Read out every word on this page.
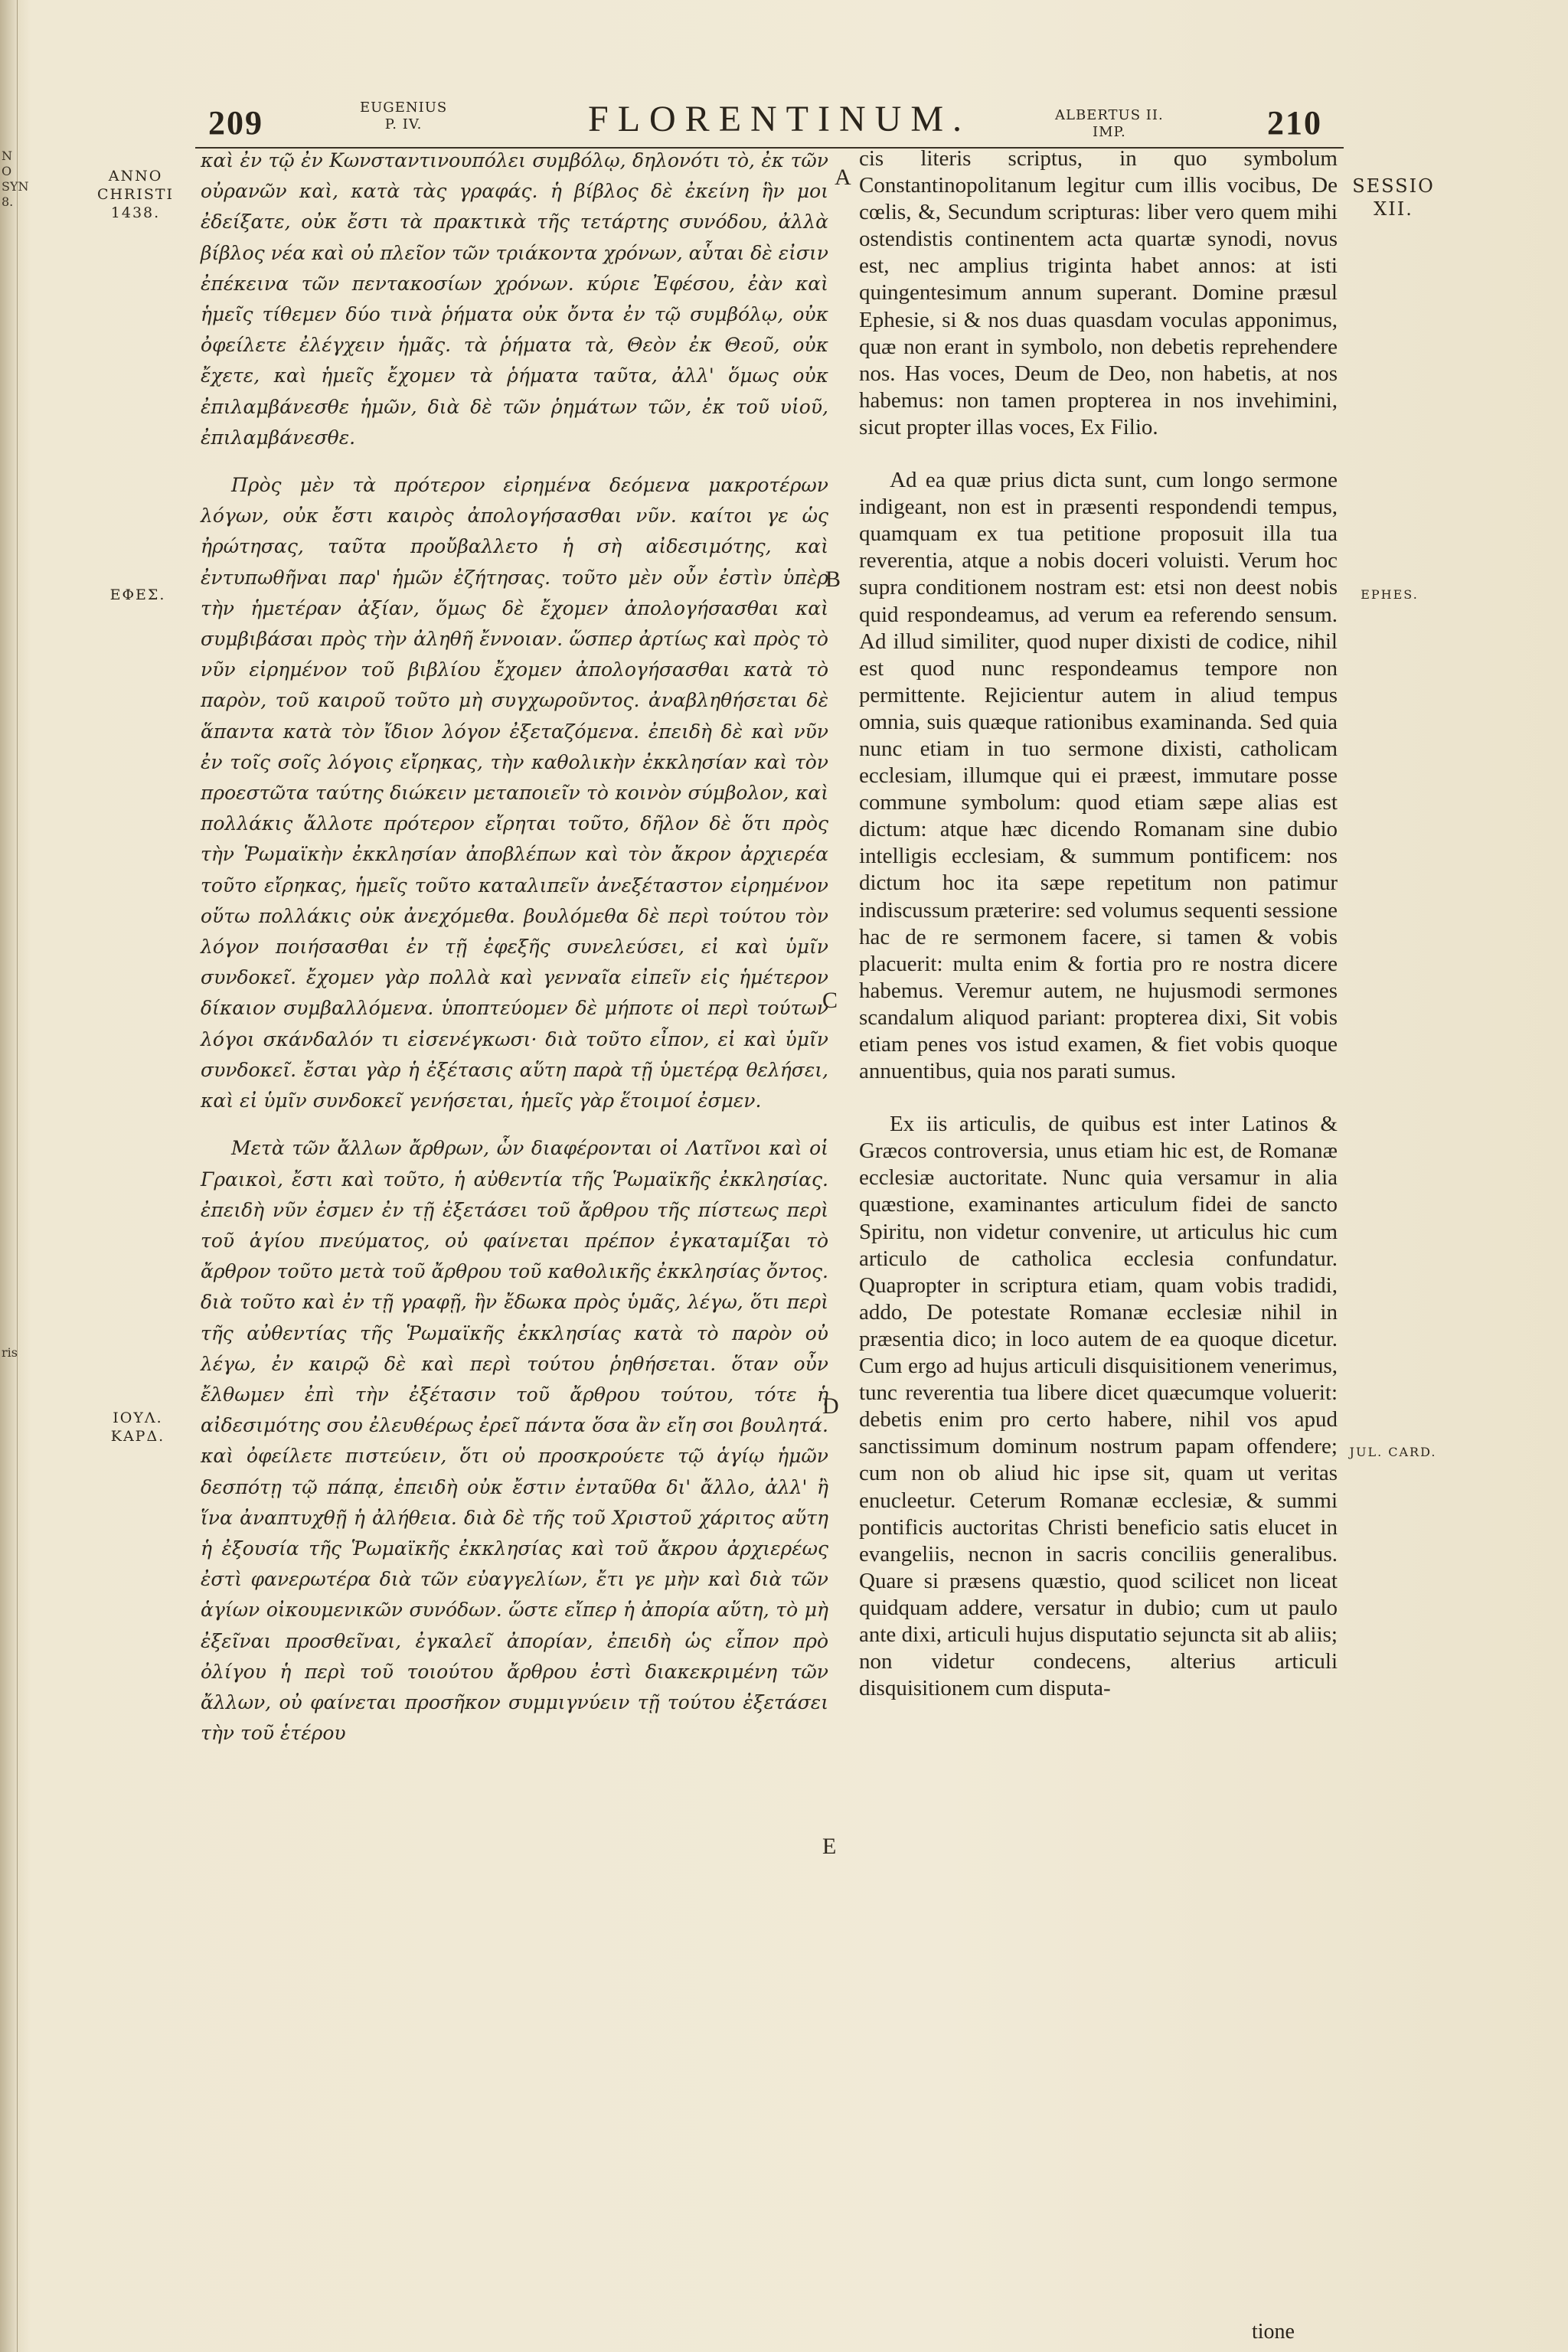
N
O
SYN
8.
ris
209	EUGENIUS
P. IV.	FLORENTINUM.	ALBERTUS II.
IMP.	210
ANNO
CHRISTI
1438.
ΕΦΕΣ.
ΙΟΥΛ.
ΚΑΡΔ.
SESSIO
XII.
EPHES.
JUL. CARD.
A
B
C
D
E

καὶ ἐν τῷ ἐν Κωνσταντινουπόλει συμβόλῳ, δηλονότι τὸ, ἐκ τῶν οὐρανῶν καὶ, κατὰ τὰς γραφάς. ἡ βίβλος δὲ ἐκείνη ἣν μοι ἐδείξατε, οὐκ ἔστι τὰ πρακτικὰ τῆς τετάρτης συνόδου, ἀλλὰ βίβλος νέα καὶ οὐ πλεῖον τῶν τριάκοντα χρόνων, αὗται δὲ εἰσιν ἐπέκεινα τῶν πεντακοσίων χρόνων. κύριε Ἐφέσου, ἐὰν καὶ ἡμεῖς τίθεμεν δύο τινὰ ῥήματα οὐκ ὄντα ἐν τῷ συμβόλῳ, οὐκ ὀφείλετε ἐλέγχειν ἡμᾶς. τὰ ῥήματα τὰ, Θεὸν ἐκ Θεοῦ, οὐκ ἔχετε, καὶ ἡμεῖς ἔχομεν τὰ ῥήματα ταῦτα, ἀλλ' ὅμως οὐκ ἐπιλαμβάνεσθε ἡμῶν, διὰ δὲ τῶν ῥημάτων τῶν, ἐκ τοῦ υἱοῦ, ἐπιλαμβάνεσθε.

Πρὸς μὲν τὰ πρότερον εἰρημένα δεόμενα μακροτέρων λόγων, οὐκ ἔστι καιρὸς ἀπολογήσασθαι νῦν. καίτοι γε ὡς ἠρώτησας, ταῦτα προὔβαλλετο ἡ σὴ αἰδεσιμότης, καὶ ἐντυπωθῆναι παρ' ἡμῶν ἐζήτησας. τοῦτο μὲν οὖν ἐστὶν ὑπὲρ τὴν ἡμετέραν ἀξίαν, ὅμως δὲ ἔχομεν ἀπολογήσασθαι καὶ συμβιβάσαι πρὸς τὴν ἀληθῆ ἔννοιαν. ὥσπερ ἀρτίως καὶ πρὸς τὸ νῦν εἰρημένον τοῦ βιβλίου ἔχομεν ἀπολογήσασθαι κατὰ τὸ παρὸν, τοῦ καιροῦ τοῦτο μὴ συγχωροῦντος. ἀναβληθήσεται δὲ ἅπαντα κατὰ τὸν ἴδιον λόγον ἐξεταζόμενα. ἐπειδὴ δὲ καὶ νῦν ἐν τοῖς σοῖς λόγοις εἴρηκας, τὴν καθολικὴν ἐκκλησίαν καὶ τὸν προεστῶτα ταύτης διώκειν μεταποιεῖν τὸ κοινὸν σύμβολον, καὶ πολλάκις ἄλλοτε πρότερον εἴρηται τοῦτο, δῆλον δὲ ὅτι πρὸς τὴν Ῥωμαϊκὴν ἐκκλησίαν ἀποβλέπων καὶ τὸν ἄκρον ἀρχιερέα τοῦτο εἴρηκας, ἡμεῖς τοῦτο καταλιπεῖν ἀνεξέταστον εἰρημένον οὕτω πολλάκις οὐκ ἀνεχόμεθα. βουλόμεθα δὲ περὶ τούτου τὸν λόγον ποιήσασθαι ἐν τῇ ἐφεξῆς συνελεύσει, εἰ καὶ ὑμῖν συνδοκεῖ. ἔχομεν γὰρ πολλὰ καὶ γενναῖα εἰπεῖν εἰς ἡμέτερον δίκαιον συμβαλλόμενα. ὑποπτεύομεν δὲ μήποτε οἱ περὶ τούτων λόγοι σκάνδαλόν τι εἰσενέγκωσι· διὰ τοῦτο εἶπον, εἰ καὶ ὑμῖν συνδοκεῖ. ἔσται γὰρ ἡ ἐξέτασις αὕτη παρὰ τῇ ὑμετέρᾳ θελήσει, καὶ εἰ ὑμῖν συνδοκεῖ γενήσεται, ἡμεῖς γὰρ ἕτοιμοί ἐσμεν.

Μετὰ τῶν ἄλλων ἄρθρων, ὧν διαφέρονται οἱ Λατῖνοι καὶ οἱ Γραικοὶ, ἔστι καὶ τοῦτο, ἡ αὐθεντία τῆς Ῥωμαϊκῆς ἐκκλησίας. ἐπειδὴ νῦν ἐσμεν ἐν τῇ ἐξετάσει τοῦ ἄρθρου τῆς πίστεως περὶ τοῦ ἁγίου πνεύματος, οὐ φαίνεται πρέπον ἐγκαταμίξαι τὸ ἄρθρον τοῦτο μετὰ τοῦ ἄρθρου τοῦ καθολικῆς ἐκκλησίας ὄντος. διὰ τοῦτο καὶ ἐν τῇ γραφῇ, ἣν ἔδωκα πρὸς ὑμᾶς, λέγω, ὅτι περὶ τῆς αὐθεντίας τῆς Ῥωμαϊκῆς ἐκκλησίας κατὰ τὸ παρὸν οὐ λέγω, ἐν καιρῷ δὲ καὶ περὶ τούτου ῥηθήσεται. ὅταν οὖν ἔλθωμεν ἐπὶ τὴν ἐξέτασιν τοῦ ἄρθρου τούτου, τότε ἡ αἰδεσιμότης σου ἐλευθέρως ἐρεῖ πάντα ὅσα ἂν εἴη σοι βουλητά. καὶ ὀφείλετε πιστεύειν, ὅτι οὐ προσκρούετε τῷ ἁγίῳ ἡμῶν δεσπότῃ τῷ πάπᾳ, ἐπειδὴ οὐκ ἔστιν ἐνταῦθα δι' ἄλλο, ἀλλ' ἢ ἵνα ἀναπτυχθῇ ἡ ἀλήθεια. διὰ δὲ τῆς τοῦ Χριστοῦ χάριτος αὕτη ἡ ἐξουσία τῆς Ῥωμαϊκῆς ἐκκλησίας καὶ τοῦ ἄκρου ἀρχιερέως ἐστὶ φανερωτέρα διὰ τῶν εὐαγγελίων, ἔτι γε μὴν καὶ διὰ τῶν ἁγίων οἰκουμενικῶν συνόδων. ὥστε εἴπερ ἡ ἀπορία αὕτη, τὸ μὴ ἐξεῖναι προσθεῖναι, ἐγκαλεῖ ἀπορίαν, ἐπειδὴ ὡς εἶπον πρὸ ὀλίγου ἡ περὶ τοῦ τοιούτου ἄρθρου ἐστὶ διακεκριμένη τῶν ἄλλων, οὐ φαίνεται προσῆκον συμμιγνύειν τῇ τούτου ἐξετάσει τὴν τοῦ ἑτέρου

cis literis scriptus, in quo symbolum Constantinopolitanum legitur cum illis vocibus, De cœlis, &, Secundum scripturas: liber vero quem mihi ostendistis continentem acta quartæ synodi, novus est, nec amplius triginta habet annos: at isti quingentesimum annum superant. Domine præsul Ephesie, si & nos duas quasdam voculas apponimus, quæ non erant in symbolo, non debetis reprehendere nos. Has voces, Deum de Deo, non habetis, at nos habemus: non tamen propterea in nos invehimini, sicut propter illas voces, Ex Filio.

Ad ea quæ prius dicta sunt, cum longo sermone indigeant, non est in præsenti respondendi tempus, quamquam ex tua petitione proposuit illa tua reverentia, atque a nobis doceri voluisti. Verum hoc supra conditionem nostram est: etsi non deest nobis quid respondeamus, ad verum ea referendo sensum. Ad illud similiter, quod nuper dixisti de codice, nihil est quod nunc respondeamus tempore non permittente. Rejicientur autem in aliud tempus omnia, suis quæque rationibus examinanda. Sed quia nunc etiam in tuo sermone dixisti, catholicam ecclesiam, illumque qui ei præest, immutare posse commune symbolum: quod etiam sæpe alias est dictum: atque hæc dicendo Romanam sine dubio intelligis ecclesiam, & summum pontificem: nos dictum hoc ita sæpe repetitum non patimur indiscussum præterire: sed volumus sequenti sessione hac de re sermonem facere, si tamen & vobis placuerit: multa enim & fortia pro re nostra dicere habemus. Veremur autem, ne hujusmodi sermones scandalum aliquod pariant: propterea dixi, Sit vobis etiam penes vos istud examen, & fiet vobis quoque annuentibus, quia nos parati sumus.

Ex iis articulis, de quibus est inter Latinos & Græcos controversia, unus etiam hic est, de Romanæ ecclesiæ auctoritate. Nunc quia versamur in alia quæstione, examinantes articulum fidei de sancto Spiritu, non videtur convenire, ut articulus hic cum articulo de catholica ecclesia confundatur. Quapropter in scriptura etiam, quam vobis tradidi, addo, De potestate Romanæ ecclesiæ nihil in præsentia dico; in loco autem de ea quoque dicetur. Cum ergo ad hujus articuli disquisitionem venerimus, tunc reverentia tua libere dicet quæcumque voluerit: debetis enim pro certo habere, nihil vos apud sanctissimum dominum nostrum papam offendere; cum non ob aliud hic ipse sit, quam ut veritas enucleetur. Ceterum Romanæ ecclesiæ, & summi pontificis auctoritas Christi beneficio satis elucet in evangeliis, necnon in sacris conciliis generalibus. Quare si præsens quæstio, quod scilicet non liceat quidquam addere, versatur in dubio; cum ut paulo ante dixi, articuli hujus disputatio sejuncta sit ab aliis; non videtur condecens, alterius articuli disquisitionem cum disputa-

tione
